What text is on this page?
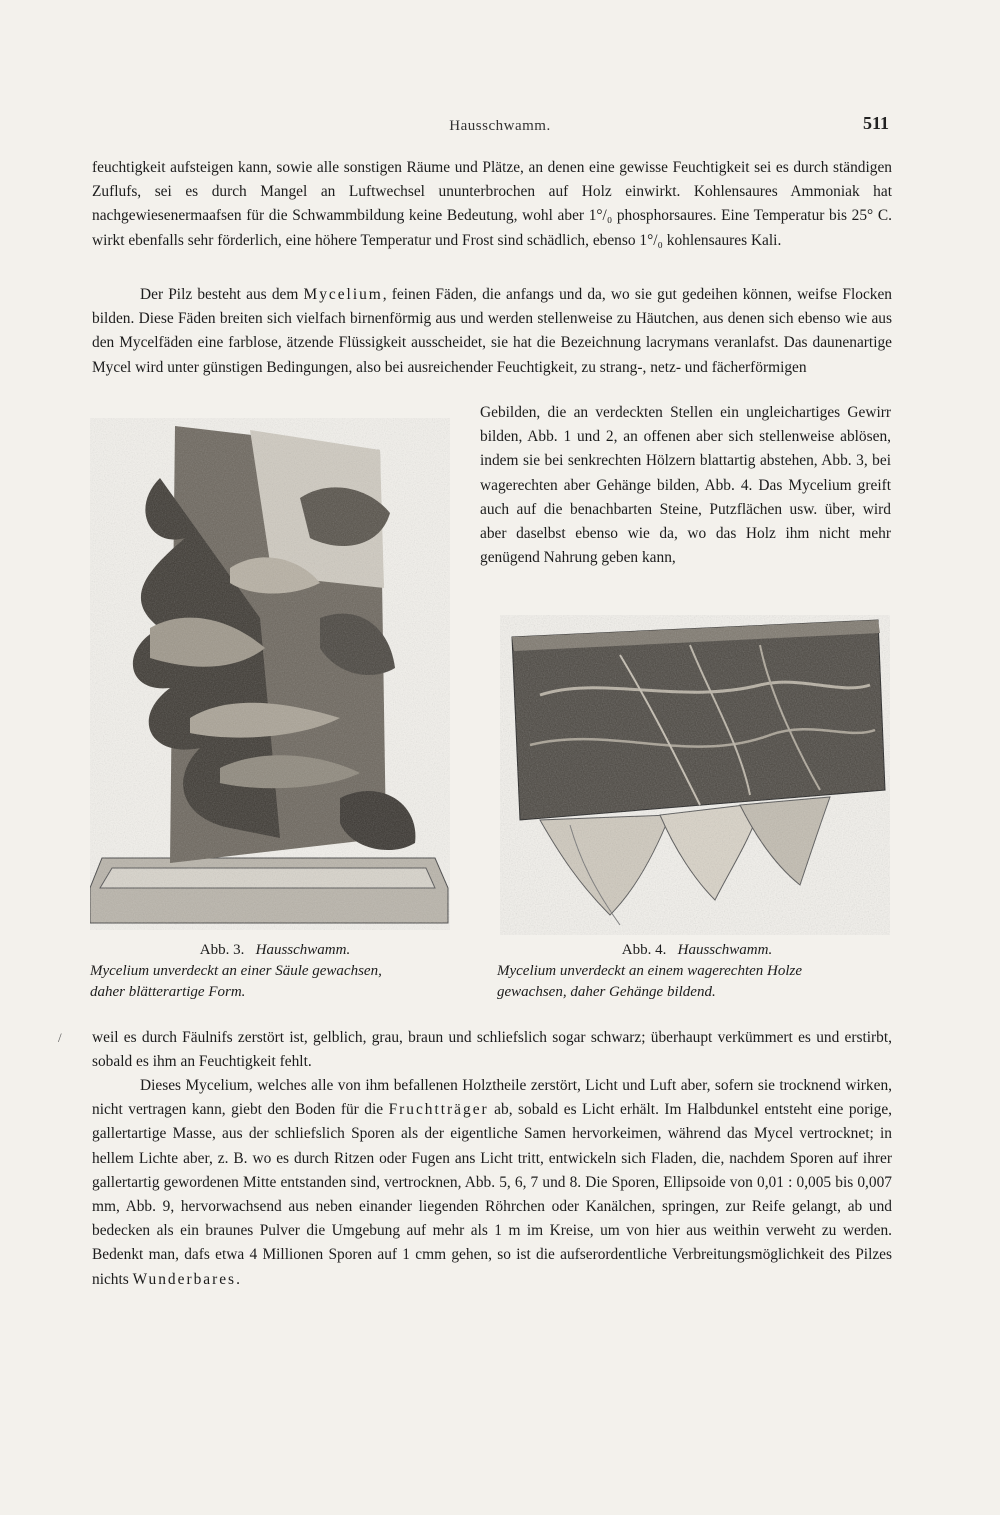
Hausschwamm.	511

feuchtigkeit aufsteigen kann, sowie alle sonstigen Räume und Plätze, an denen eine gewisse Feuchtigkeit sei es durch ständigen Zuflufs, sei es durch Mangel an Luftwechsel ununterbrochen auf Holz einwirkt. Kohlensaures Ammoniak hat nachgewiesenermaafsen für die Schwammbildung keine Bedeutung, wohl aber 1°/₀ phosphorsaures. Eine Temperatur bis 25° C. wirkt ebenfalls sehr förderlich, eine höhere Temperatur und Frost sind schädlich, ebenso 1°/₀ kohlensaures Kali.

Der Pilz besteht aus dem Mycelium, feinen Fäden, die anfangs und da, wo sie gut gedeihen können, weifse Flocken bilden. Diese Fäden breiten sich vielfach birnenförmig aus und werden stellenweise zu Häutchen, aus denen sich ebenso wie aus den Mycelfäden eine farblose, ätzende Flüssigkeit ausscheidet, sie hat die Bezeichnung lacrymans veranlafst. Das daunenartige Mycel wird unter günstigen Bedingungen, also bei ausreichender Feuchtigkeit, zu strang-, netz- und fächerförmigen

Gebilden, die an verdeckten Stellen ein ungleichartiges Gewirr bilden, Abb. 1 und 2, an offenen aber sich stellenweise ablösen, indem sie bei senkrechten Hölzern blattartig abstehen, Abb. 3, bei wagerechten aber Gehänge bilden, Abb. 4. Das Mycelium greift auch auf die benachbarten Steine, Putzflächen usw. über, wird aber daselbst ebenso wie da, wo das Holz ihm nicht mehr genügend Nahrung geben kann,

Abb. 3. Hausschwamm.
Mycelium unverdeckt an einer Säule gewachsen,
daher blätterartige Form.
Abb. 4. Hausschwamm.
Mycelium unverdeckt an einem wagerechten Holze
gewachsen, daher Gehänge bildend.
/ weil es durch Fäulnifs zerstört ist, gelblich, grau, braun und schliefslich sogar schwarz; überhaupt verkümmert es und erstirbt, sobald es ihm an Feuchtigkeit fehlt.

Dieses Mycelium, welches alle von ihm befallenen Holztheile zerstört, Licht und Luft aber, sofern sie trocknend wirken, nicht vertragen kann, giebt den Boden für die Fruchtträger ab, sobald es Licht erhält. Im Halbdunkel entsteht eine porige, gallertartige Masse, aus der schliefslich Sporen als der eigentliche Samen hervorkeimen, während das Mycel vertrocknet; in hellem Lichte aber, z. B. wo es durch Ritzen oder Fugen ans Licht tritt, entwickeln sich Fladen, die, nachdem Sporen auf ihrer gallertartig gewordenen Mitte entstanden sind, vertrocknen, Abb. 5, 6, 7 und 8. Die Sporen, Ellipsoide von 0,01 : 0,005 bis 0,007 mm, Abb. 9, hervorwachsend aus neben einander liegenden Röhrchen oder Kanälchen, springen, zur Reife gelangt, ab und bedecken als ein braunes Pulver die Umgebung auf mehr als 1 m im Kreise, um von hier aus weithin verweht zu werden. Bedenkt man, dafs etwa 4 Millionen Sporen auf 1 cmm gehen, so ist die aufserordentliche Verbreitungsmöglichkeit des Pilzes nichts Wunderbares.
